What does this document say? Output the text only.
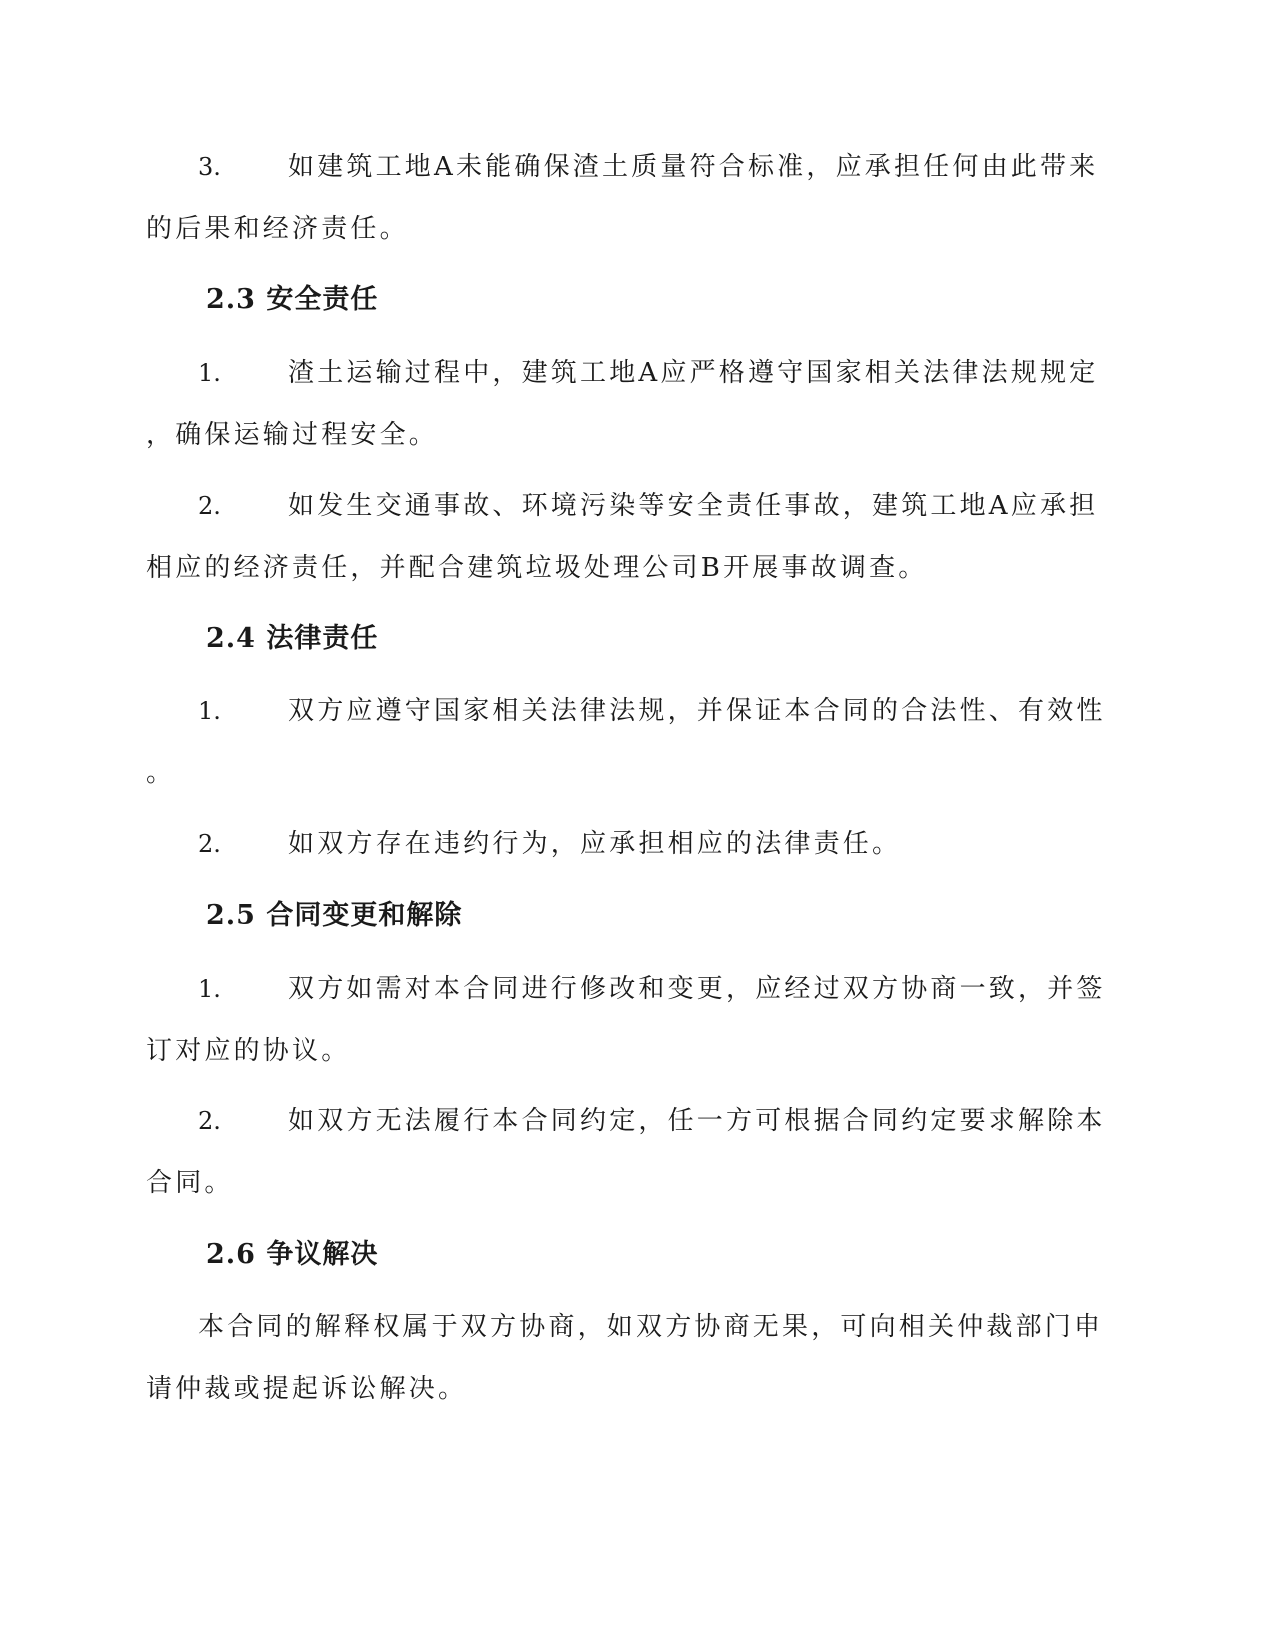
3.	如建筑工地A未能确保渣土质量符合标准，应承担任何由此带来
的后果和经济责任。
2.3 安全责任
1.	渣土运输过程中，建筑工地A应严格遵守国家相关法律法规规定
，确保运输过程安全。
2.	如发生交通事故、环境污染等安全责任事故，建筑工地A应承担
相应的经济责任，并配合建筑垃圾处理公司B开展事故调查。
2.4 法律责任
1.	双方应遵守国家相关法律法规，并保证本合同的合法性、有效性
。
2.	如双方存在违约行为，应承担相应的法律责任。
2.5 合同变更和解除
1.	双方如需对本合同进行修改和变更，应经过双方协商一致，并签
订对应的协议。
2.	如双方无法履行本合同约定，任一方可根据合同约定要求解除本
合同。
2.6 争议解决
本合同的解释权属于双方协商，如双方协商无果，可向相关仲裁部门申
请仲裁或提起诉讼解决。
